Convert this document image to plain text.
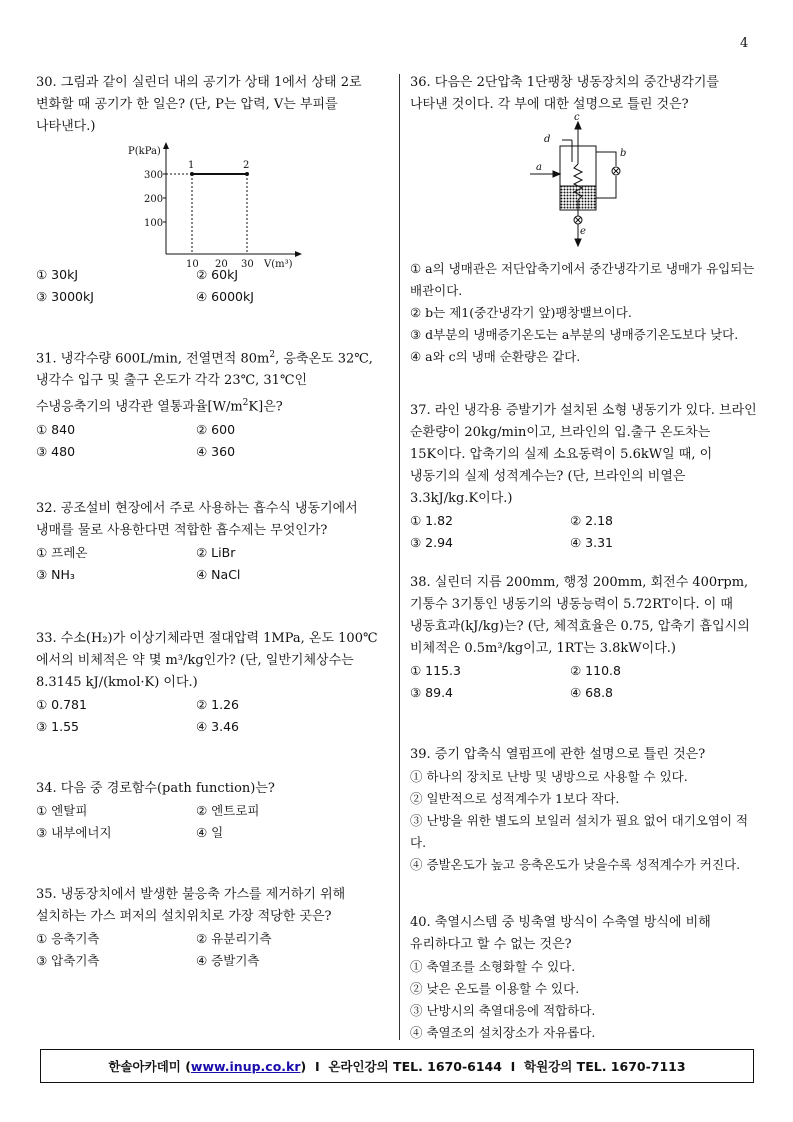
4
30. 그림과 같이 실린더 내의 공기가 상태 1에서 상태 2로 변화할 때 공기가 한 일은? (단, P는 압력, V는 부피를 나타낸다.)
P(kPa)
300
200
100
10 20 30 V(m³)
1	2
① 30kJ	② 60kJ
③ 3000kJ	④ 6000kJ
31. 냉각수량 600L/min, 전열면적 $80m^2$, 응축온도 32℃, 냉각수 입구 및 출구 온도가 각각 23℃, 31℃인 수냉응축기의 냉각관 열통과율$[W/m^2K]$은?
① 840	② 600
③ 480	④ 360
32. 공조설비 현장에서 주로 사용하는 흡수식 냉동기에서 냉매를 물로 사용한다면 적합한 흡수제는 무엇인가?
① 프레온	② LiBr
③ NH₃	④ NaCl
33. 수소(H₂)가 이상기체라면 절대압력 1MPa, 온도 100℃에서의 비체적은 약 몇 m³/kg인가? (단, 일반기체상수는 8.3145 kJ/(kmol·K) 이다.)
① 0.781	② 1.26
③ 1.55	④ 3.46
34. 다음 중 경로함수(path function)는?
① 엔탈피	② 엔트로피
③ 내부에너지	④ 일
35. 냉동장치에서 발생한 불응축 가스를 제거하기 위해 설치하는 가스 퍼저의 설치위치로 가장 적당한 곳은?
① 응축기측	② 유분리기측
③ 압축기측	④ 증발기측
36. 다음은 2단압축 1단팽창 냉동장치의 중간냉각기를 나타낸 것이다. 각 부에 대한 설명으로 틀린 것은?
c
d
b
a
e
① a의 냉매관은 저단압축기에서 중간냉각기로 냉매가 유입되는 배관이다.
② b는 제1(중간냉각기 앞)팽창밸브이다.
③ d부분의 냉매증기온도는 a부분의 냉매증기온도보다 낮다.
④ a와 c의 냉매 순환량은 같다.
37. 라인 냉각용 증발기가 설치된 소형 냉동기가 있다. 브라인 순환량이 20kg/min이고, 브라인의 입.출구 온도차는 15K이다. 압축기의 실제 소요동력이 5.6kW일 때, 이 냉동기의 실제 성적계수는? (단, 브라인의 비열은 3.3kJ/kg.K이다.)
① 1.82	② 2.18
③ 2.94	④ 3.31
38. 실린더 지름 200mm, 행정 200mm, 회전수 400rpm, 기통수 3기통인 냉동기의 냉동능력이 5.72RT이다. 이 때 냉동효과(kJ/kg)는? (단, 체적효율은 0.75, 압축기 흡입시의 비체적은 0.5m³/kg이고, 1RT는 3.8kW이다.)
① 115.3	② 110.8
③ 89.4	④ 68.8
39. 증기 압축식 열펌프에 관한 설명으로 틀린 것은?
① 하나의 장치로 난방 및 냉방으로 사용할 수 있다.
② 일반적으로 성적계수가 1보다 작다.
③ 난방을 위한 별도의 보일러 설치가 필요 없어 대기오염이 적다.
④ 증발온도가 높고 응축온도가 낮을수록 성적계수가 커진다.
40. 축열시스템 중 빙축열 방식이 수축열 방식에 비해 유리하다고 할 수 없는 것은?
① 축열조를 소형화할 수 있다.
② 낮은 온도를 이용할 수 있다.
③ 난방시의 축열대응에 적합하다.
④ 축열조의 설치장소가 자유롭다.
한솔아카데미 ( www.inup.co.kr ) I 온라인강의 TEL. 1670-6144 I 학원강의 TEL. 1670-7113
